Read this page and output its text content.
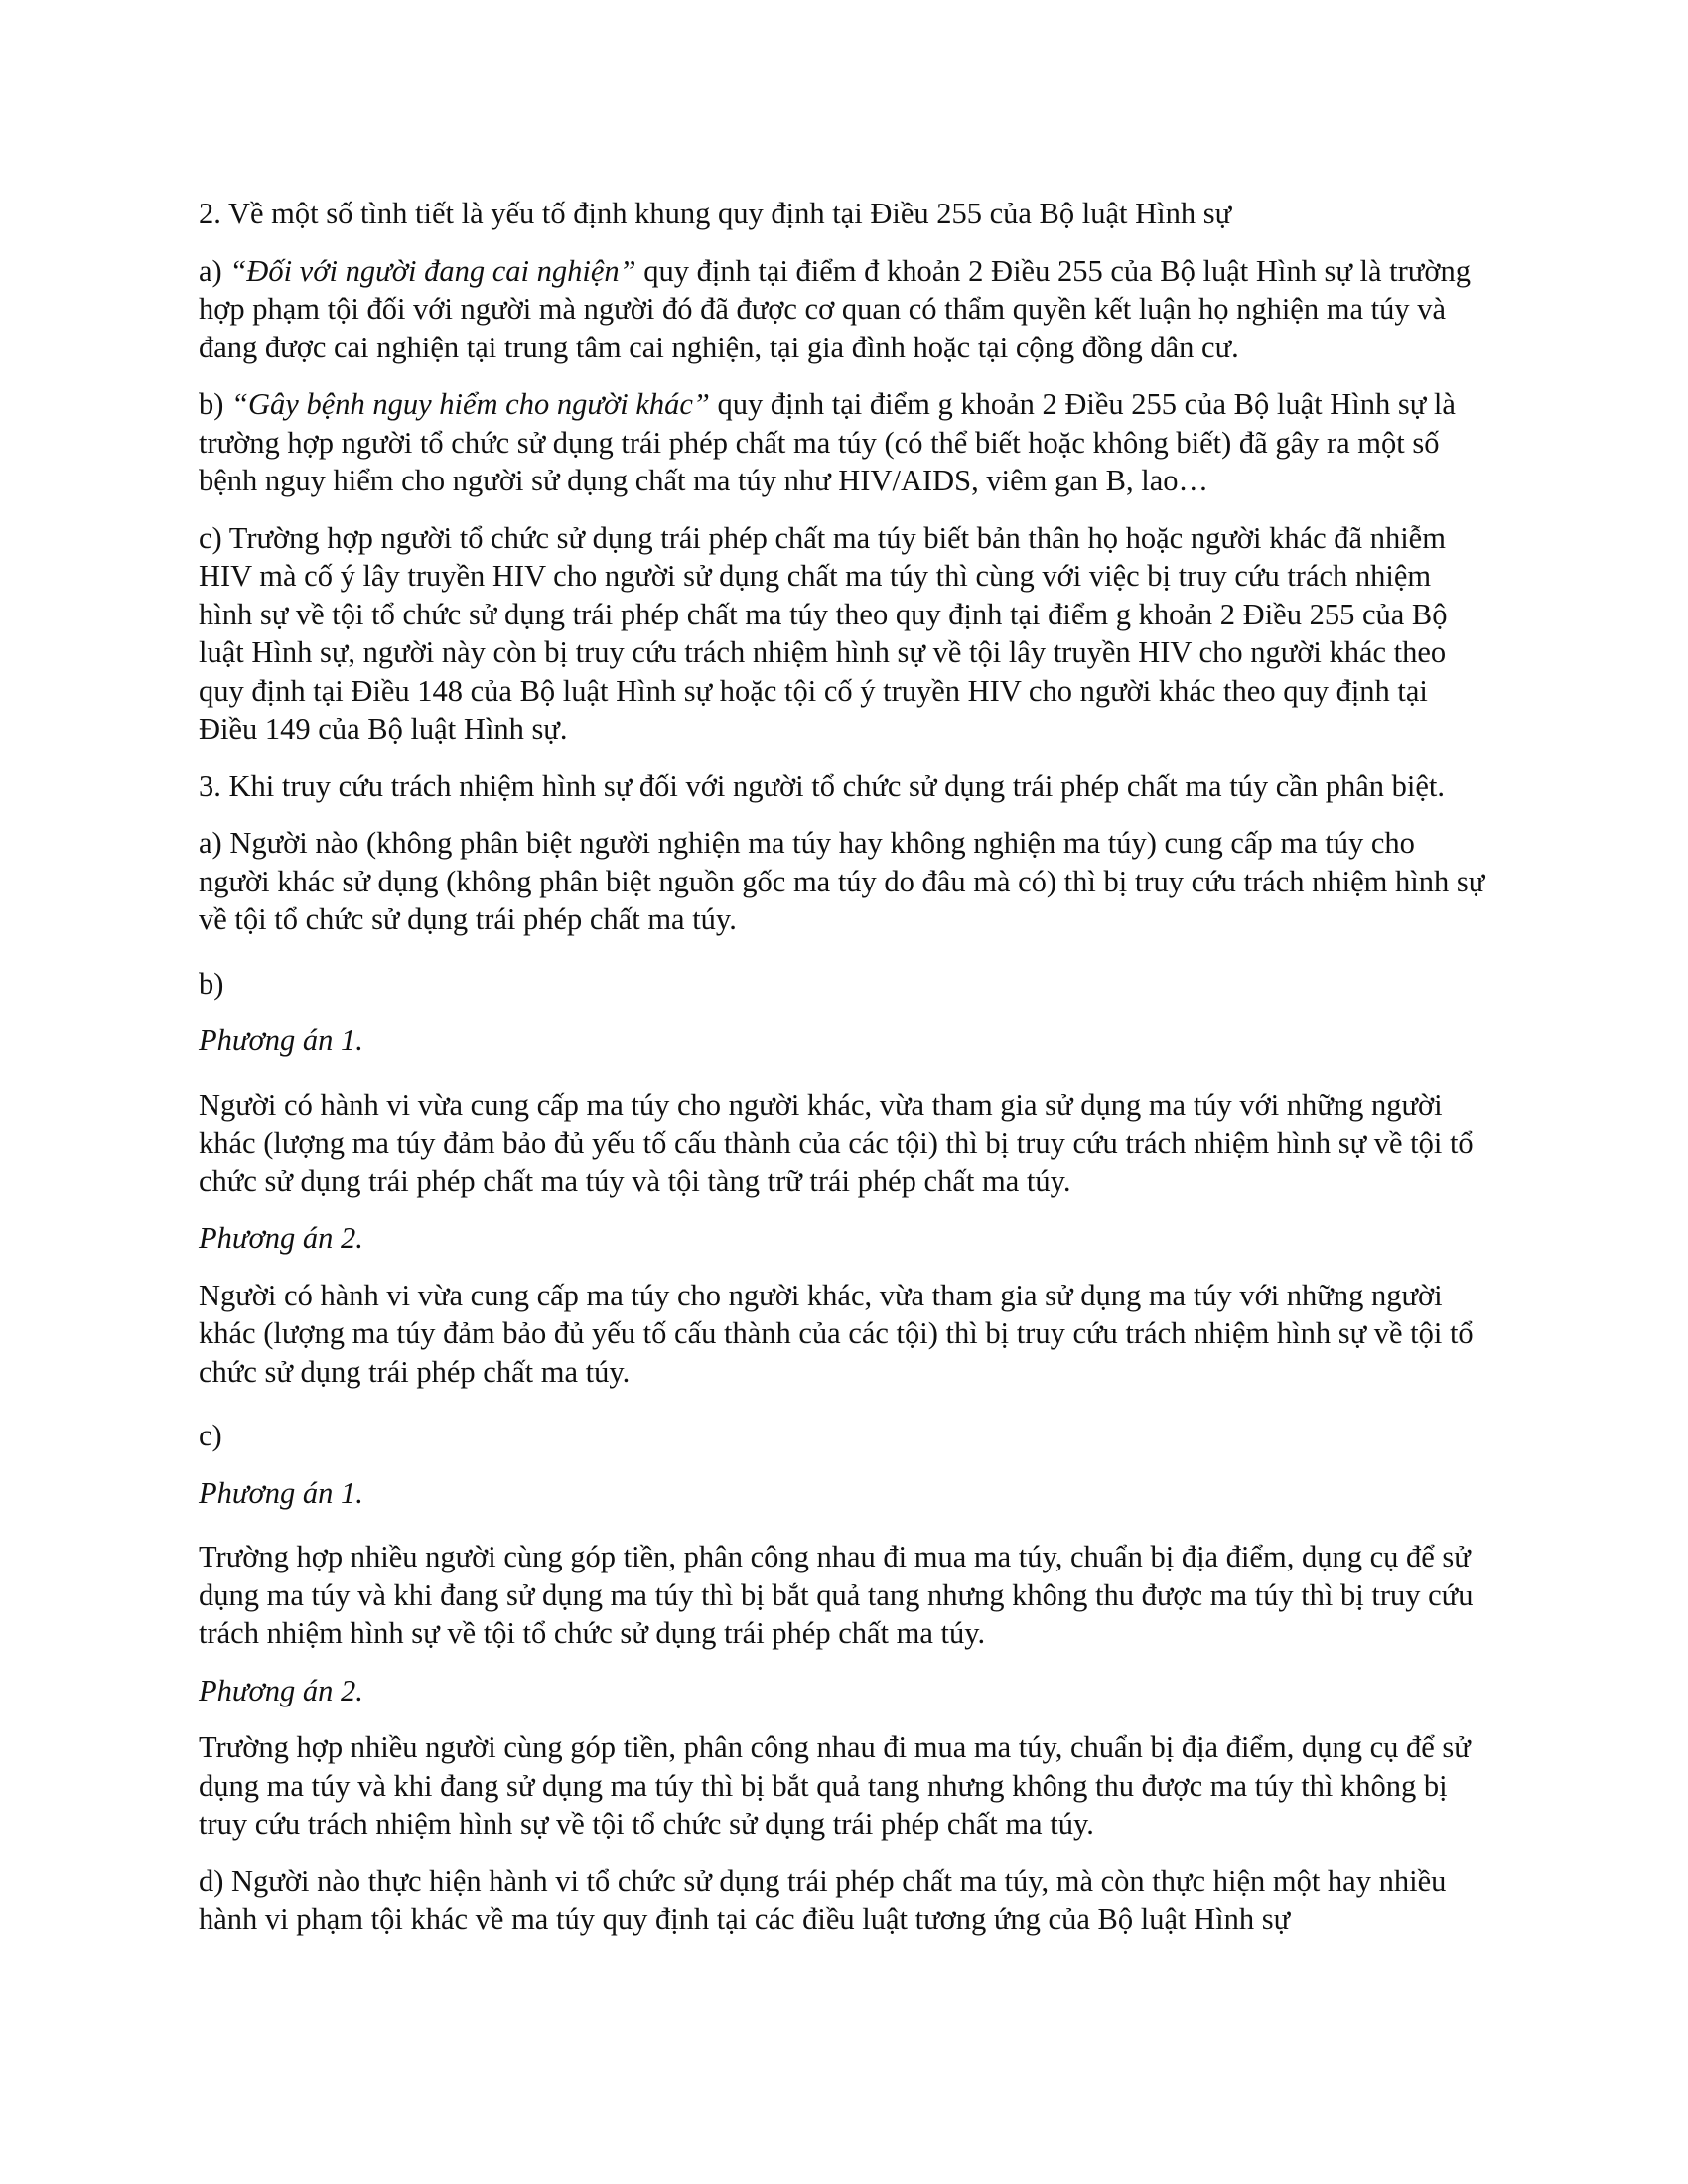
2. Về một số tình tiết là yếu tố định khung quy định tại Điều 255 của Bộ luật Hình sự

a) “Đối với người đang cai nghiện” quy định tại điểm đ khoản 2 Điều 255 của Bộ luật Hình sự là trường hợp phạm tội đối với người mà người đó đã được cơ quan có thẩm quyền kết luận họ nghiện ma túy và đang được cai nghiện tại trung tâm cai nghiện, tại gia đình hoặc tại cộng đồng dân cư.

b) “Gây bệnh nguy hiểm cho người khác” quy định tại điểm g khoản 2 Điều 255 của Bộ luật Hình sự là trường hợp người tổ chức sử dụng trái phép chất ma túy (có thể biết hoặc không biết) đã gây ra một số bệnh nguy hiểm cho người sử dụng chất ma túy như HIV/AIDS, viêm gan B, lao…

c) Trường hợp người tổ chức sử dụng trái phép chất ma túy biết bản thân họ hoặc người khác đã nhiễm HIV mà cố ý lây truyền HIV cho người sử dụng chất ma túy thì cùng với việc bị truy cứu trách nhiệm hình sự về tội tổ chức sử dụng trái phép chất ma túy theo quy định tại điểm g khoản 2 Điều 255 của Bộ luật Hình sự, người này còn bị truy cứu trách nhiệm hình sự về tội lây truyền HIV cho người khác theo quy định tại Điều 148 của Bộ luật Hình sự hoặc tội cố ý truyền HIV cho người khác theo quy định tại Điều 149 của Bộ luật Hình sự.

3. Khi truy cứu trách nhiệm hình sự đối với người tổ chức sử dụng trái phép chất ma túy cần phân biệt.

a) Người nào (không phân biệt người nghiện ma túy hay không nghiện ma túy) cung cấp ma túy cho người khác sử dụng (không phân biệt nguồn gốc ma túy do đâu mà có) thì bị truy cứu trách nhiệm hình sự về tội tổ chức sử dụng trái phép chất ma túy.

b)

Phương án 1.

Người có hành vi vừa cung cấp ma túy cho người khác, vừa tham gia sử dụng ma túy với những người khác (lượng ma túy đảm bảo đủ yếu tố cấu thành của các tội) thì bị truy cứu trách nhiệm hình sự về tội tổ chức sử dụng trái phép chất ma túy và tội tàng trữ trái phép chất ma túy.

Phương án 2.

Người có hành vi vừa cung cấp ma túy cho người khác, vừa tham gia sử dụng ma túy với những người khác (lượng ma túy đảm bảo đủ yếu tố cấu thành của các tội) thì bị truy cứu trách nhiệm hình sự về tội tổ chức sử dụng trái phép chất ma túy.

c)

Phương án 1.

Trường hợp nhiều người cùng góp tiền, phân công nhau đi mua ma túy, chuẩn bị địa điểm, dụng cụ để sử dụng ma túy và khi đang sử dụng ma túy thì bị bắt quả tang nhưng không thu được ma túy thì bị truy cứu trách nhiệm hình sự về tội tổ chức sử dụng trái phép chất ma túy.

Phương án 2.

Trường hợp nhiều người cùng góp tiền, phân công nhau đi mua ma túy, chuẩn bị địa điểm, dụng cụ để sử dụng ma túy và khi đang sử dụng ma túy thì bị bắt quả tang nhưng không thu được ma túy thì không bị truy cứu trách nhiệm hình sự về tội tổ chức sử dụng trái phép chất ma túy.

d) Người nào thực hiện hành vi tổ chức sử dụng trái phép chất ma túy, mà còn thực hiện một hay nhiều hành vi phạm tội khác về ma túy quy định tại các điều luật tương ứng của Bộ luật Hình sự
